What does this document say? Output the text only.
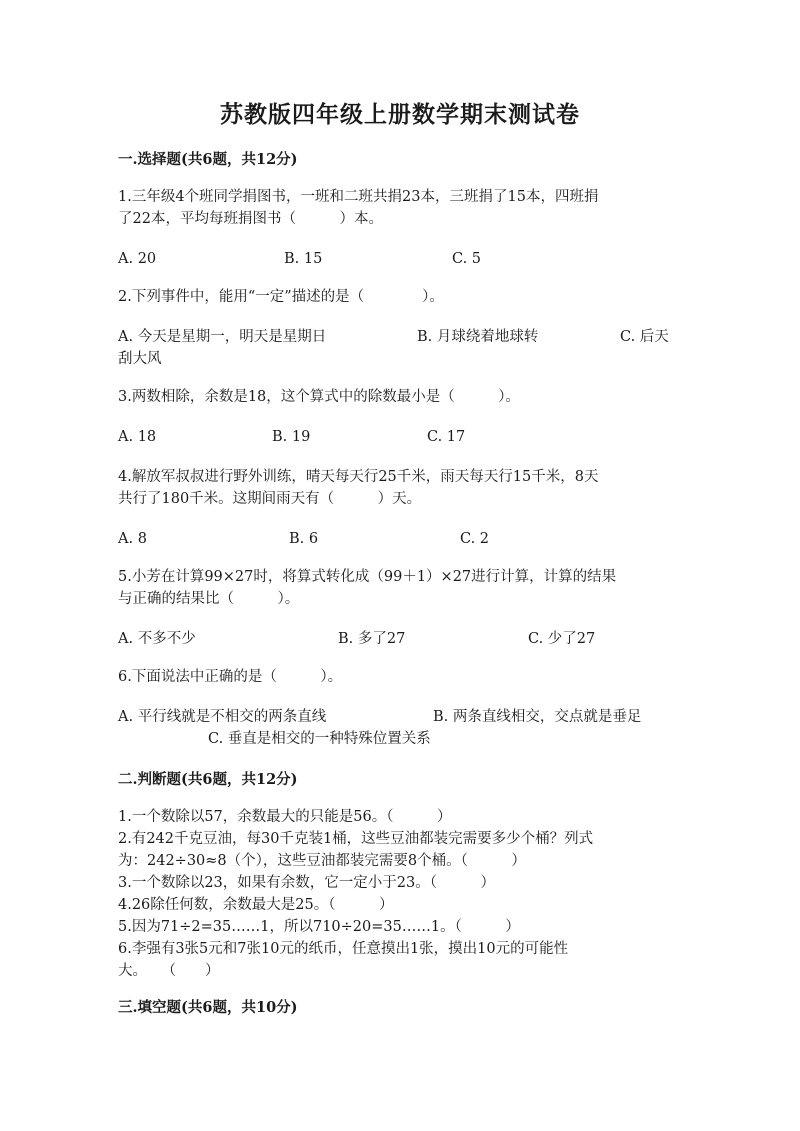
苏教版四年级上册数学期末测试卷
一.选择题(共6题，共12分)
1.三年级4个班同学捐图书，一班和二班共捐23本，三班捐了15本，四班捐
了22本，平均每班捐图书（　　　）本。
A. 20	B. 15	C. 5
2.下列事件中，能用“一定”描述的是（　　　　）。
A. 今天是星期一，明天是星期日	B. 月球绕着地球转	C. 后天
刮大风
3.两数相除，余数是18，这个算式中的除数最小是（　　　）。
A. 18	B. 19	C. 17
4.解放军叔叔进行野外训练，晴天每天行25千米，雨天每天行15千米，8天
共行了180千米。这期间雨天有（　　　）天。
A. 8	B. 6	C. 2
5.小芳在计算99×27时，将算式转化成（99＋1）×27进行计算，计算的结果
与正确的结果比（　　　）。
A. 不多不少	B. 多了27	C. 少了27
6.下面说法中正确的是（　　　）。
A. 平行线就是不相交的两条直线	B. 两条直线相交，交点就是垂足
C. 垂直是相交的一种特殊位置关系
二.判断题(共6题，共12分)
1.一个数除以57，余数最大的只能是56。（　　　）
2.有242千克豆油，每30千克装1桶，这些豆油都装完需要多少个桶？列式
为：242÷30≈8（个），这些豆油都装完需要8个桶。（　　　）
3.一个数除以23，如果有余数，它一定小于23。（　　　）
4.26除任何数，余数最大是25。（　　　）
5.因为71÷2=35……1，所以710÷20=35……1。（　　　）
6.李强有3张5元和7张10元的纸币，任意摸出1张，摸出10元的可能性
大。　　（　　）
三.填空题(共6题，共10分)
